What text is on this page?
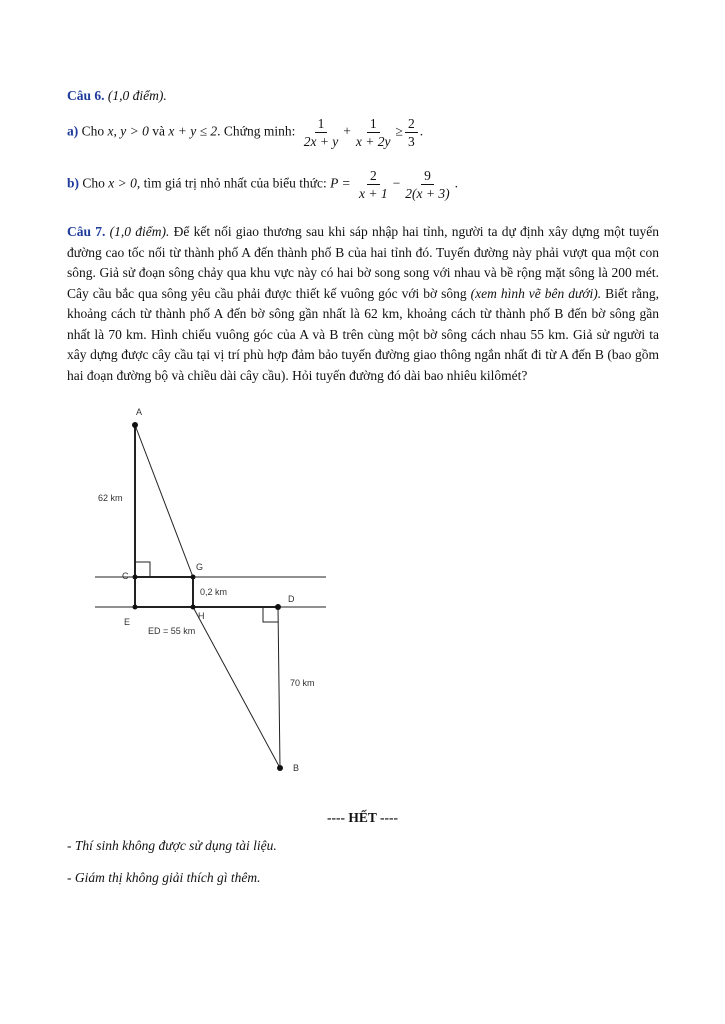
Câu 6. (1,0 điểm).
a) Cho x, y > 0 và x + y ≤ 2. Chứng minh: $\frac{1}{2x + y} + \frac{1}{x + 2y} \ge \frac{2}{3}$ .
b) Cho x > 0, tìm giá trị nhỏ nhất của biểu thức: $P = \frac{2}{x + 1} - \frac{9}{2(x + 3)}$ .
Câu 7. (1,0 điểm). Để kết nối giao thương sau khi sáp nhập hai tỉnh, người ta dự định xây dựng một tuyến đường cao tốc nối từ thành phố A đến thành phố B của hai tỉnh đó. Tuyến đường này phải vượt qua một con sông. Giả sử đoạn sông chảy qua khu vực này có hai bờ song song với nhau và bề rộng mặt sông là 200 mét. Cây cầu bắc qua sông yêu cầu phải được thiết kế vuông góc với bờ sông (xem hình vẽ bên dưới). Biết rằng, khoảng cách từ thành phố A đến bờ sông gần nhất là 62 km, khoảng cách từ thành phố B đến bờ sông gần nhất là 70 km. Hình chiếu vuông góc của A và B trên cùng một bờ sông cách nhau 55 km. Giả sử người ta xây dựng được cây cầu tại vị trí phù hợp đảm bảo tuyến đường giao thông ngắn nhất đi từ A đến B (bao gồm hai đoạn đường bộ và chiều dài cây cầu). Hỏi tuyến đường đó dài bao nhiêu kilômét?
A
C
E
G
H
D
B
62 km
70 km
0,2 km
ED = 55 km
---- HẾT ----
- Thí sinh không được sử dụng tài liệu.
- Giám thị không giải thích gì thêm.
